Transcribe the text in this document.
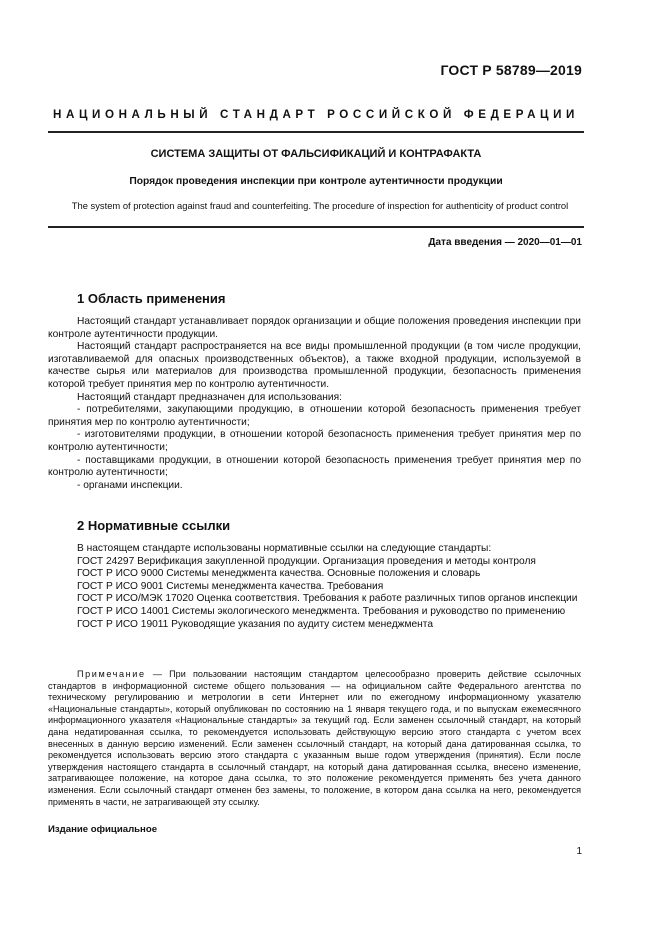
ГОСТ Р 58789—2019
НАЦИОНАЛЬНЫЙ СТАНДАРТ РОССИЙСКОЙ ФЕДЕРАЦИИ
СИСТЕМА ЗАЩИТЫ ОТ ФАЛЬСИФИКАЦИЙ И КОНТРАФАКТА
Порядок проведения инспекции при контроле аутентичности продукции
The system of protection against fraud and counterfeiting. The procedure of inspection for authenticity of product control
Дата введения — 2020—01—01
1 Область применения

Настоящий стандарт устанавливает порядок организации и общие положения проведения инспекции при контроле аутентичности продукции.

Настоящий стандарт распространяется на все виды промышленной продукции (в том числе продукции, изготавливаемой для опасных производственных объектов), а также входной продукции, используемой в качестве сырья или материалов для производства промышленной продукции, безопасность применения которой требует принятия мер по контролю аутентичности.

Настоящий стандарт предназначен для использования:

- потребителями, закупающими продукцию, в отношении которой безопасность применения требует принятия мер по контролю аутентичности;

- изготовителями продукции, в отношении которой безопасность применения требует принятия мер по контролю аутентичности;

- поставщиками продукции, в отношении которой безопасность применения требует принятия мер по контролю аутентичности;

- органами инспекции.

2 Нормативные ссылки

В настоящем стандарте использованы нормативные ссылки на следующие стандарты:

ГОСТ 24297 Верификация закупленной продукции. Организация проведения и методы контроля

ГОСТ Р ИСО 9000 Системы менеджмента качества. Основные положения и словарь

ГОСТ Р ИСО 9001 Системы менеджмента качества. Требования

ГОСТ Р ИСО/МЭК 17020 Оценка соответствия. Требования к работе различных типов органов инспекции

ГОСТ Р ИСО 14001 Системы экологического менеджмента. Требования и руководство по применению

ГОСТ Р ИСО 19011 Руководящие указания по аудиту систем менеджмента

Примечание — При пользовании настоящим стандартом целесообразно проверить действие ссылочных стандартов в информационной системе общего пользования — на официальном сайте Федерального агентства по техническому регулированию и метрологии в сети Интернет или по ежегодному информационному указателю «Национальные стандарты», который опубликован по состоянию на 1 января текущего года, и по выпускам ежемесячного информационного указателя «Национальные стандарты» за текущий год. Если заменен ссылочный стандарт, на который дана недатированная ссылка, то рекомендуется использовать действующую версию этого стандарта с учетом всех внесенных в данную версию изменений. Если заменен ссылочный стандарт, на который дана датированная ссылка, то рекомендуется использовать версию этого стандарта с указанным выше годом утверждения (принятия). Если после утверждения настоящего стандарта в ссылочный стандарт, на который дана датированная ссылка, внесено изменение, затрагивающее положение, на которое дана ссылка, то это положение рекомендуется применять без учета данного изменения. Если ссылочный стандарт отменен без замены, то положение, в котором дана ссылка на него, рекомендуется применять в части, не затрагивающей эту ссылку.

Издание официальное
1
